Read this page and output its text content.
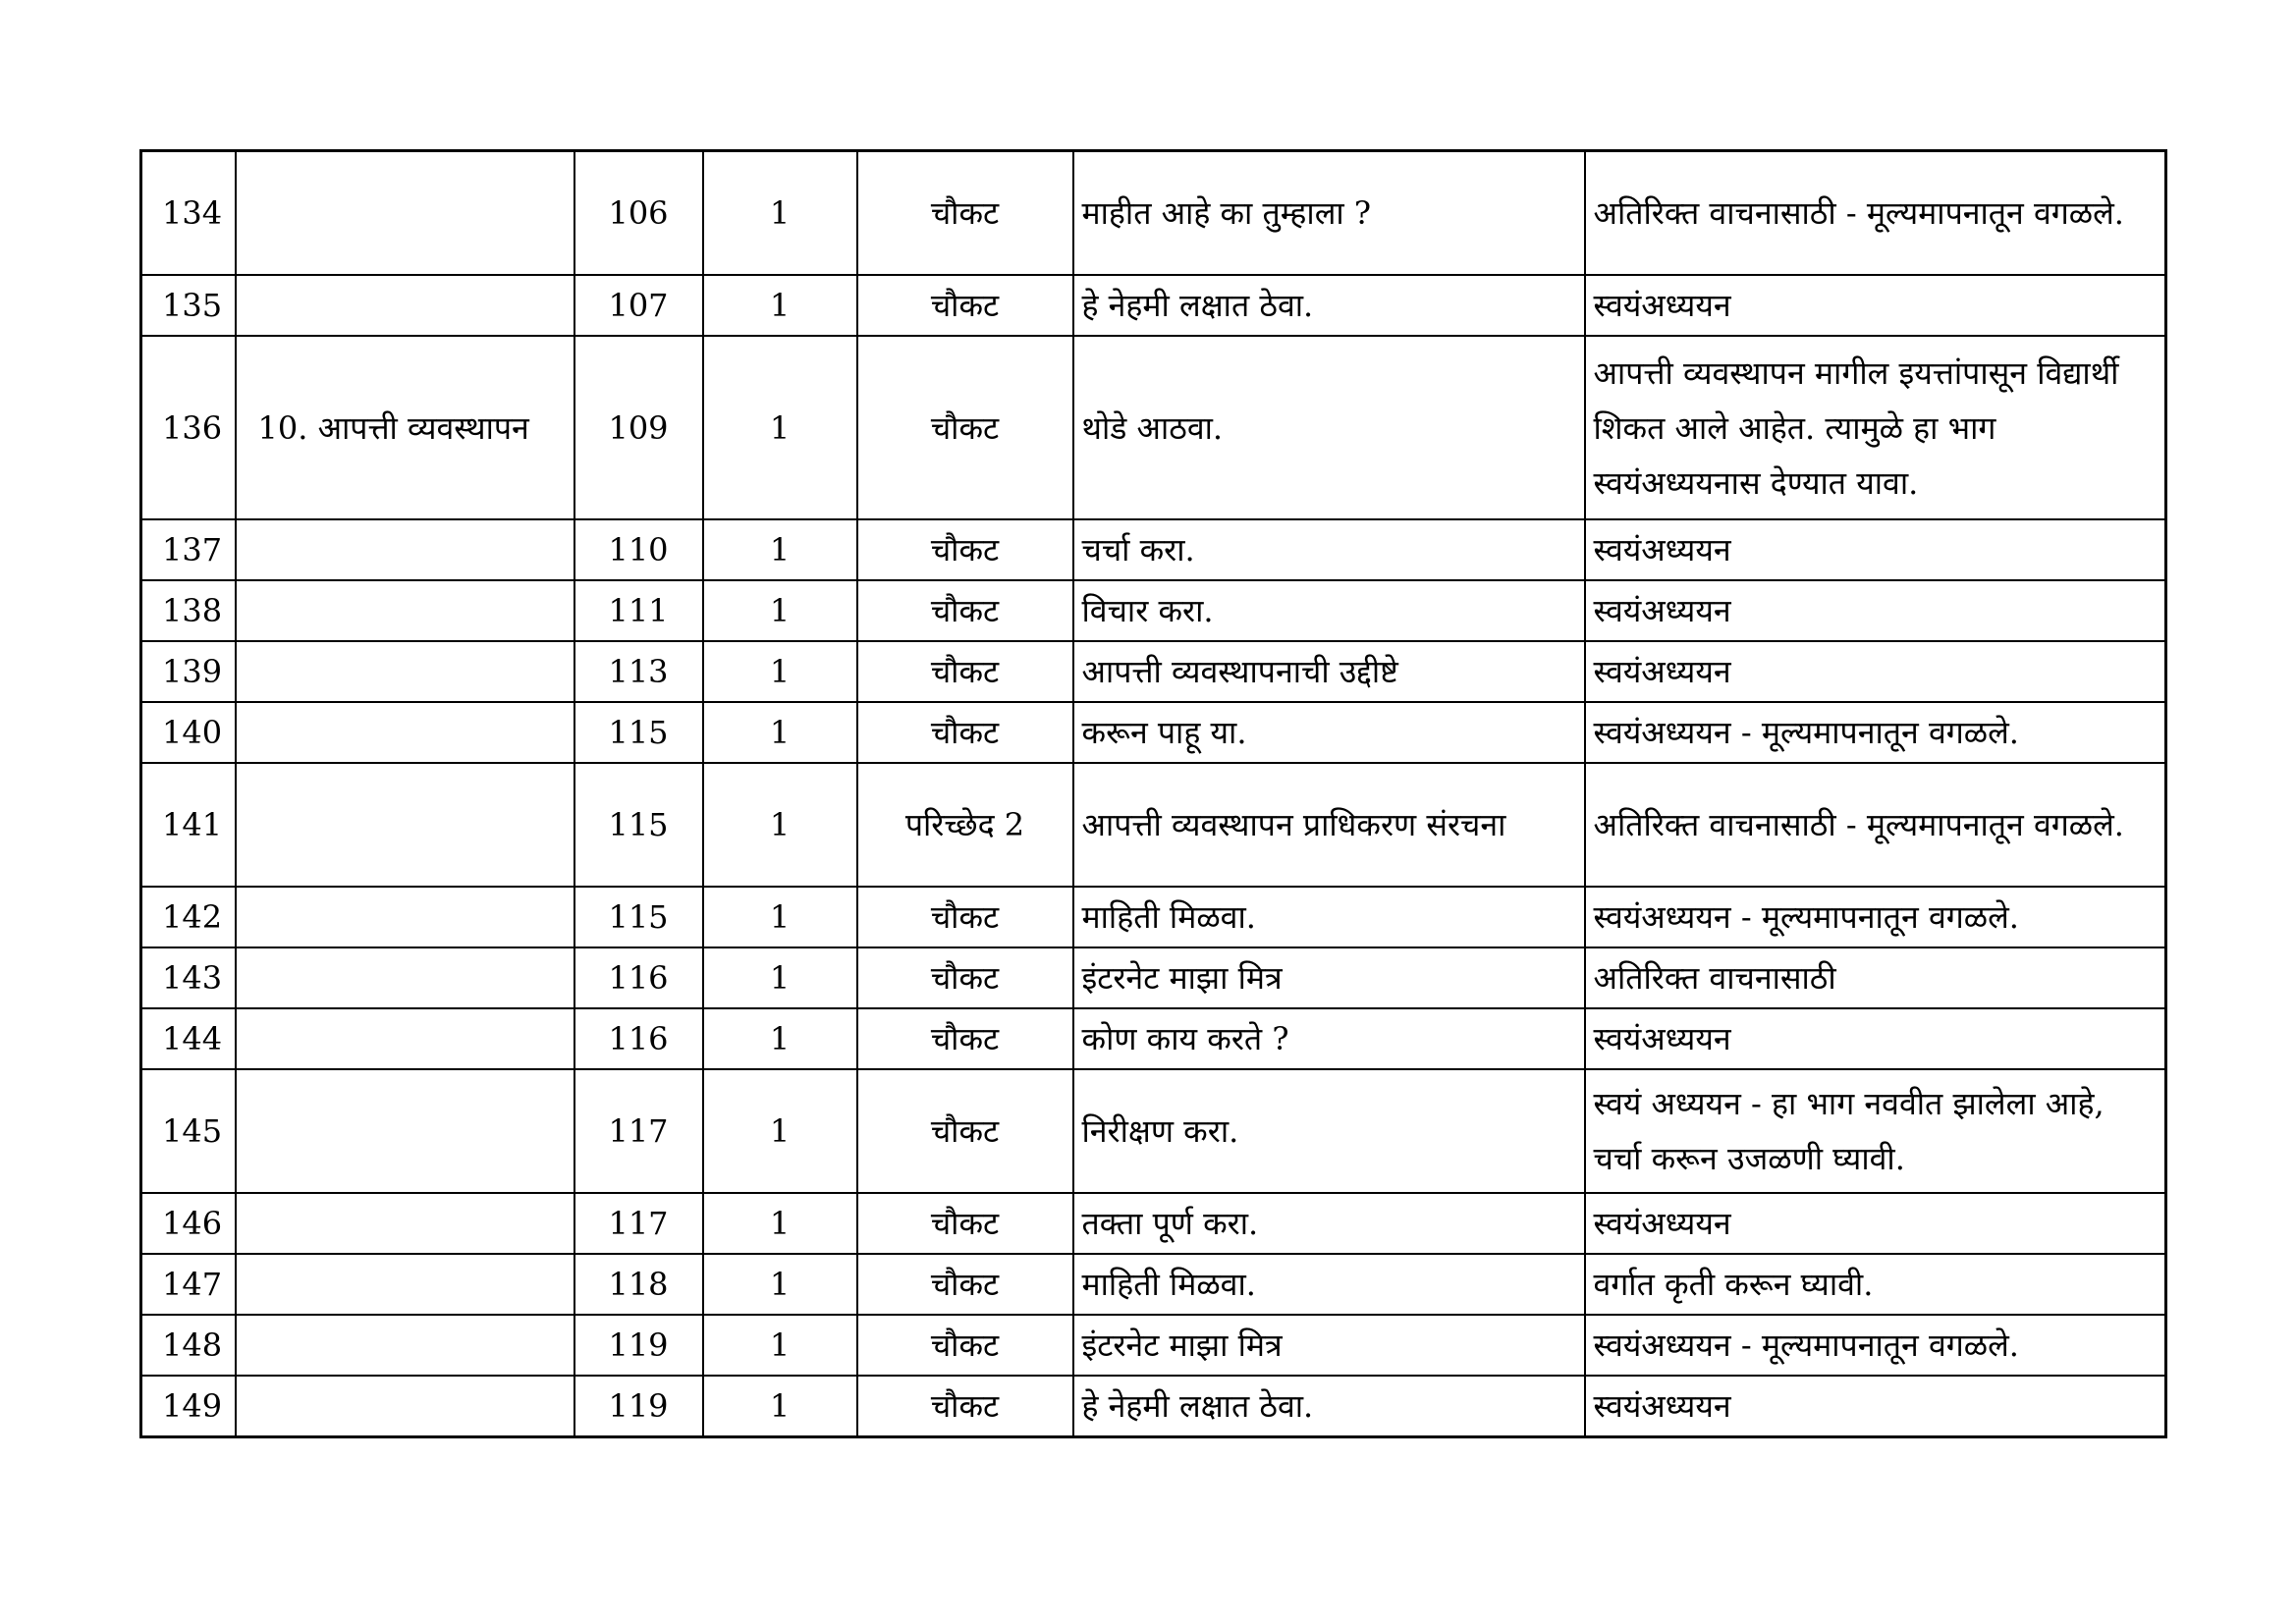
134		106	1	चौकट	माहीत आहे का तुम्हाला ?	अतिरिक्त वाचनासाठी - मूल्यमापनातून वगळले.
135		107	1	चौकट	हे नेहमी लक्षात ठेवा.	स्वयंअध्ययन
136	10. आपत्ती व्यवस्थापन	109	1	चौकट	थोडे आठवा.	आपत्ती व्यवस्थापन मागील इयत्तांपासून विद्यार्थी शिकत आले आहेत. त्यामुळे हा भाग स्वयंअध्ययनास देण्यात यावा.
137		110	1	चौकट	चर्चा करा.	स्वयंअध्ययन
138		111	1	चौकट	विचार करा.	स्वयंअध्ययन
139		113	1	चौकट	आपत्ती व्यवस्थापनाची उद्दीष्टे	स्वयंअध्ययन
140		115	1	चौकट	करून पाहू या.	स्वयंअध्ययन - मूल्यमापनातून वगळले.
141		115	1	परिच्छेद 2	आपत्ती व्यवस्थापन प्राधिकरण संरचना	अतिरिक्त वाचनासाठी - मूल्यमापनातून वगळले.
142		115	1	चौकट	माहिती मिळवा.	स्वयंअध्ययन - मूल्यमापनातून वगळले.
143		116	1	चौकट	इंटरनेट माझा मित्र	अतिरिक्त वाचनासाठी
144		116	1	चौकट	कोण काय करते ?	स्वयंअध्ययन
145		117	1	चौकट	निरीक्षण करा.	स्वयं अध्ययन - हा भाग नववीत झालेला आहे, चर्चा करून उजळणी घ्यावी.
146		117	1	चौकट	तक्ता पूर्ण करा.	स्वयंअध्ययन
147		118	1	चौकट	माहिती मिळवा.	वर्गात कृती करून घ्यावी.
148		119	1	चौकट	इंटरनेट माझा मित्र	स्वयंअध्ययन - मूल्यमापनातून वगळले.
149		119	1	चौकट	हे नेहमी लक्षात ठेवा.	स्वयंअध्ययन
